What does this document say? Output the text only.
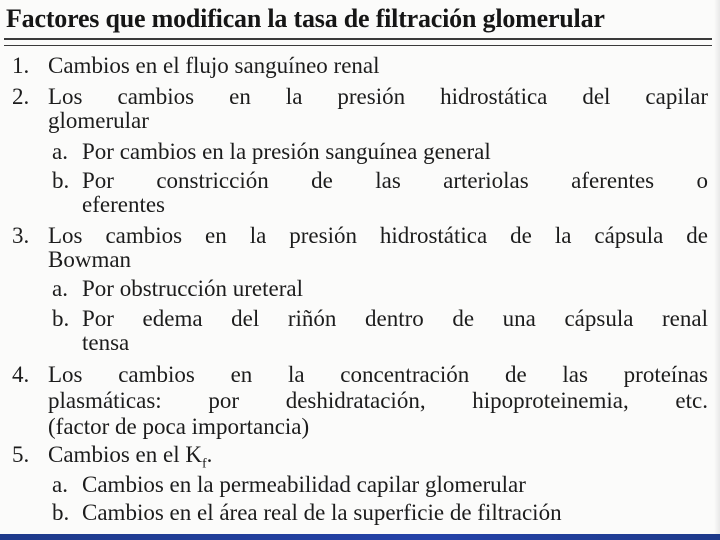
Factores que modifican la tasa de filtración glomerular
1. Cambios en el flujo sanguíneo renal
2. Los cambios en la presión hidrostática del capilar
glomerular
a. Por cambios en la presión sanguínea general
b. Por constricción de las arteriolas aferentes o
eferentes
3. Los cambios en la presión hidrostática de la cápsula de
Bowman
a. Por obstrucción ureteral
b. Por edema del riñón dentro de una cápsula renal
tensa
4. Los cambios en la concentración de las proteínas
plasmáticas: por deshidratación, hipoproteinemia, etc.
(factor de poca importancia)
5. Cambios en el $K_f$.
a. Cambios en la permeabilidad capilar glomerular
b. Cambios en el área real de la superficie de filtración
